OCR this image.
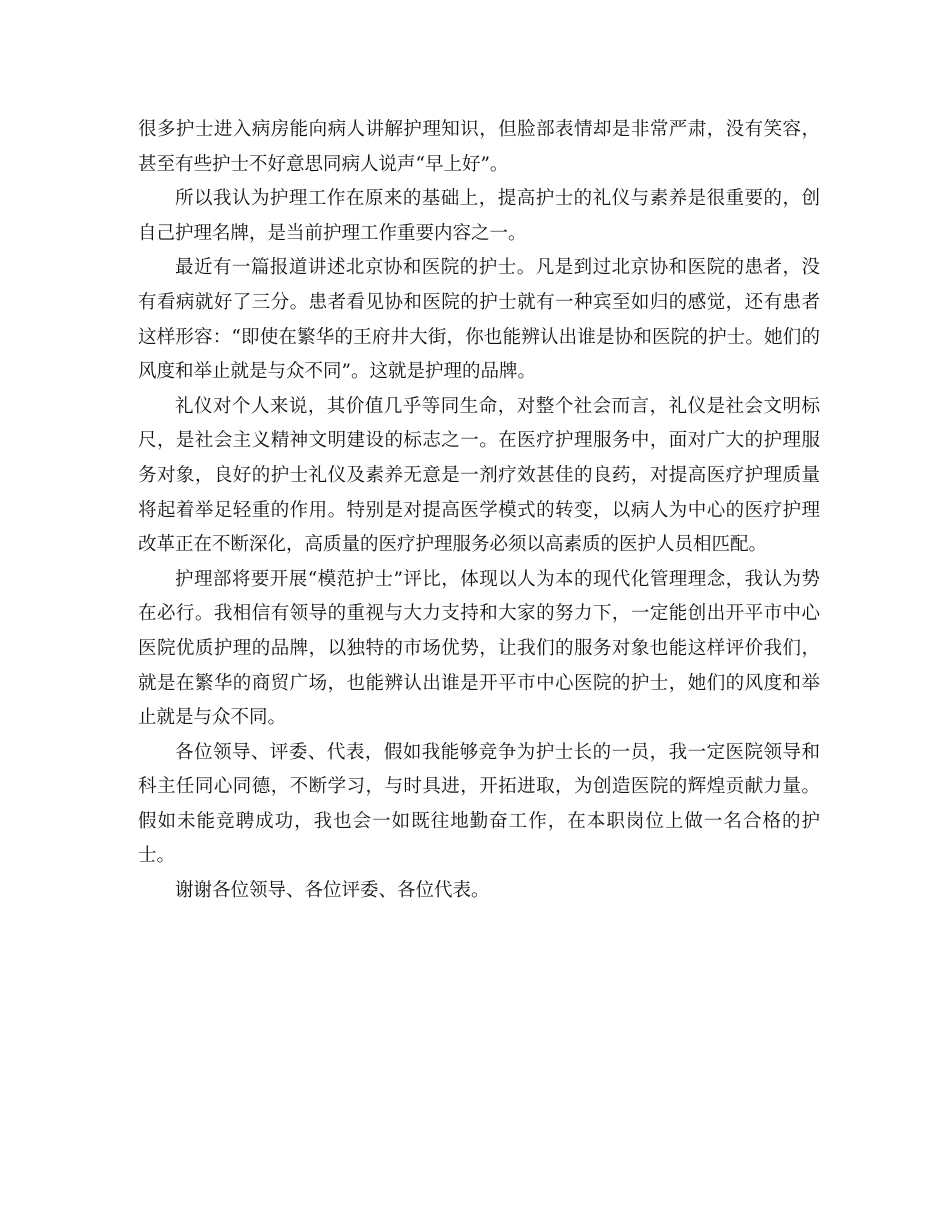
很多护士进入病房能向病人讲解护理知识，但脸部表情却是非常严肃，没有笑容，甚至有些护士不好意思同病人说声“早上好”。

所以我认为护理工作在原来的基础上，提高护士的礼仪与素养是很重要的，创自己护理名牌，是当前护理工作重要内容之一。

最近有一篇报道讲述北京协和医院的护士。凡是到过北京协和医院的患者，没有看病就好了三分。患者看见协和医院的护士就有一种宾至如归的感觉，还有患者这样形容：“即使在繁华的王府井大街，你也能辨认出谁是协和医院的护士。她们的风度和举止就是与众不同”。这就是护理的品牌。

礼仪对个人来说，其价值几乎等同生命，对整个社会而言，礼仪是社会文明标尺，是社会主义精神文明建设的标志之一。在医疗护理服务中，面对广大的护理服务对象，良好的护士礼仪及素养无意是一剂疗效甚佳的良药，对提高医疗护理质量将起着举足轻重的作用。特别是对提高医学模式的转变，以病人为中心的医疗护理改革正在不断深化，高质量的医疗护理服务必须以高素质的医护人员相匹配。

护理部将要开展“模范护士”评比，体现以人为本的现代化管理理念，我认为势在必行。我相信有领导的重视与大力支持和大家的努力下，一定能创出开平市中心医院优质护理的品牌，以独特的市场优势，让我们的服务对象也能这样评价我们，就是在繁华的商贸广场，也能辨认出谁是开平市中心医院的护士，她们的风度和举止就是与众不同。

各位领导、评委、代表，假如我能够竞争为护士长的一员，我一定医院领导和科主任同心同德，不断学习，与时具进，开拓进取，为创造医院的辉煌贡献力量。假如未能竞聘成功，我也会一如既往地勤奋工作，在本职岗位上做一名合格的护士。

谢谢各位领导、各位评委、各位代表。
